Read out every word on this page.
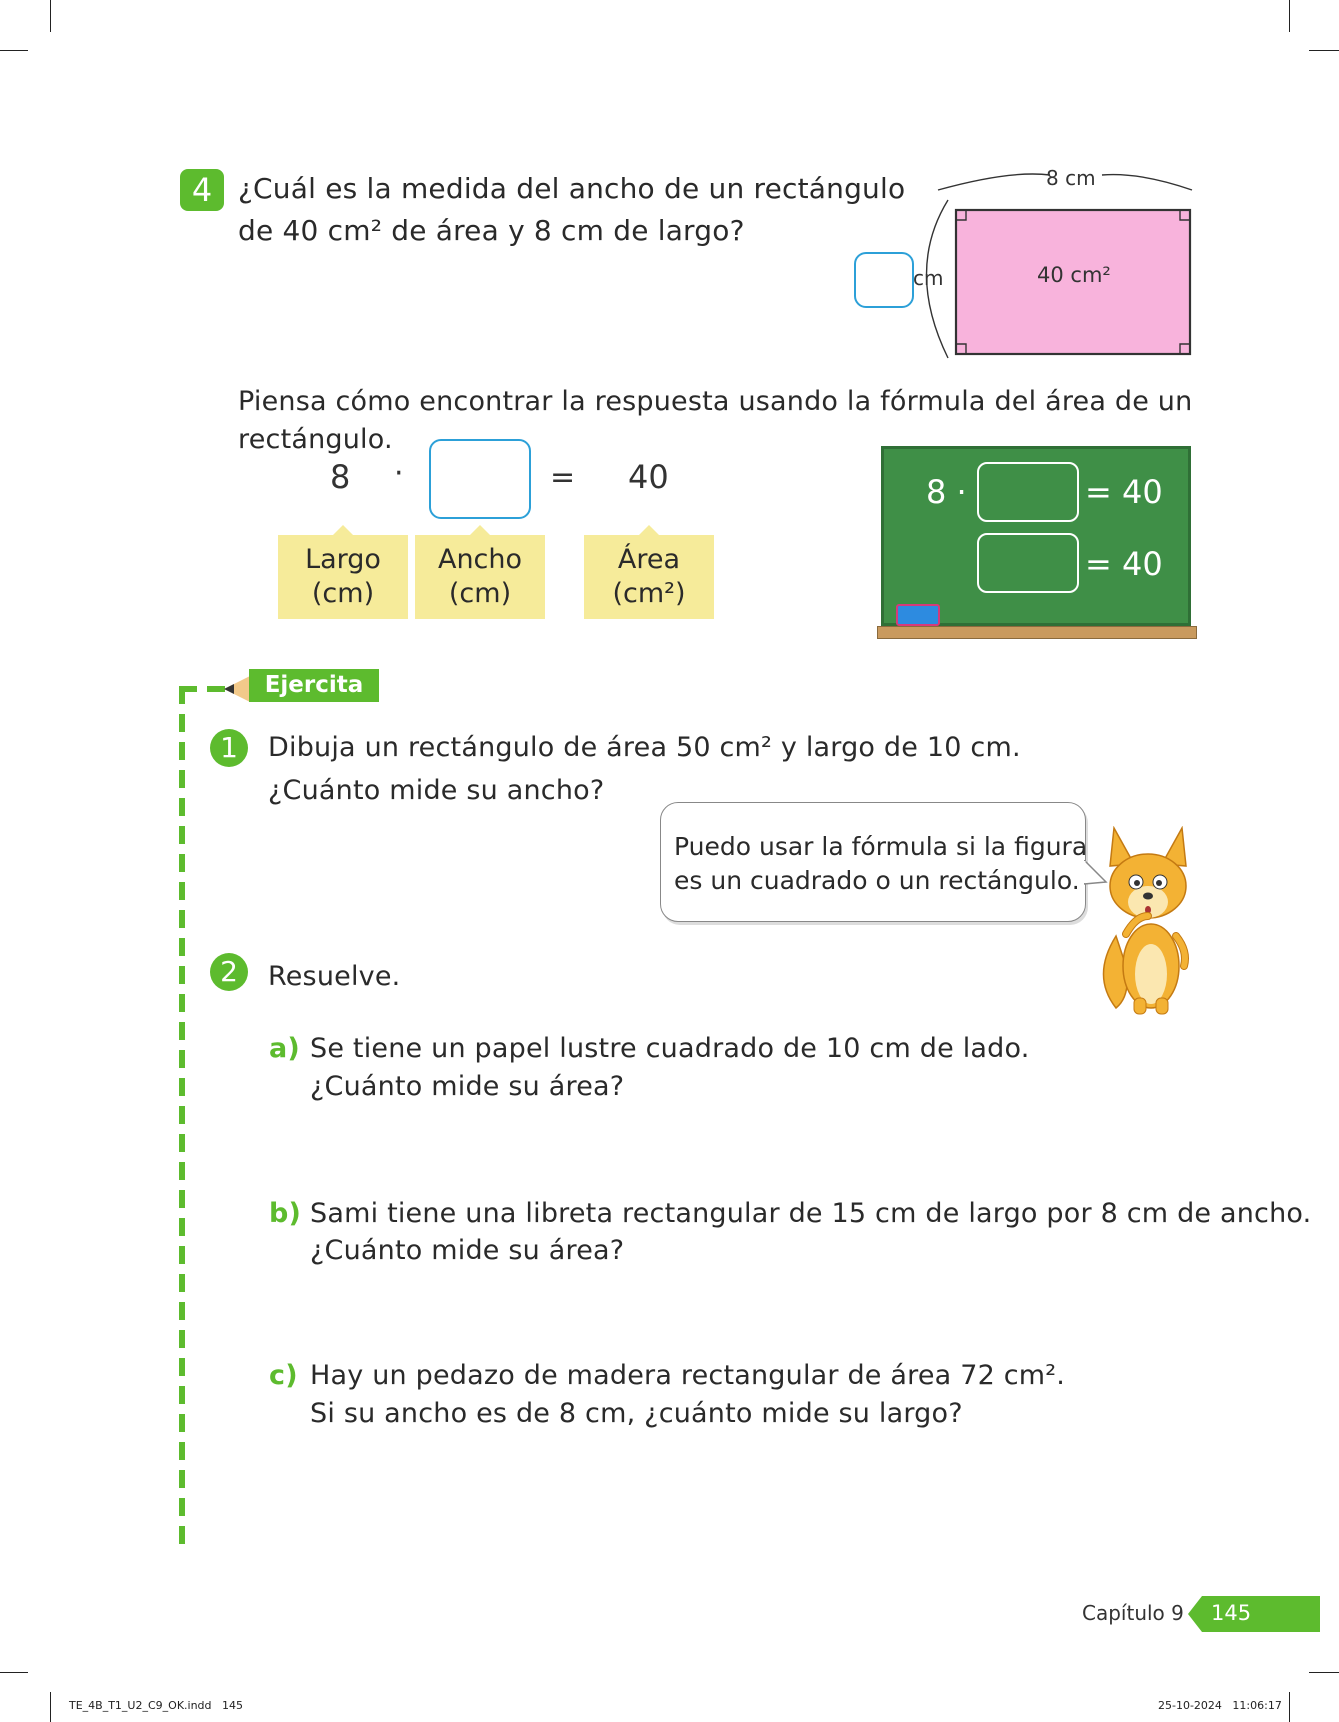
4 ¿Cuál es la medida del ancho de un rectángulo
de 40 cm² de área y 8 cm de largo?
8 cm
40 cm²
cm
Piensa cómo encontrar la respuesta usando la fórmula del área de un rectángulo.
8 ·	= 40
Largo
(cm)
Ancho
(cm)
Área
(cm²)
8 ·	= 40
= 40
Ejercita
1	Dibuja un rectángulo de área 50 cm² y largo de 10 cm.
¿Cuánto mide su ancho?
Puedo usar la fórmula si la figura
es un cuadrado o un rectángulo.
2	Resuelve.
a) Se tiene un papel lustre cuadrado de 10 cm de lado.
¿Cuánto mide su área?
b) Sami tiene una libreta rectangular de 15 cm de largo por 8 cm de ancho.
¿Cuánto mide su área?
c) Hay un pedazo de madera rectangular de área 72 cm².
Si su ancho es de 8 cm, ¿cuánto mide su largo?
Capítulo 9 145
TE_4B_T1_U2_C9_OK.indd   145	25-10-2024   11:06:17
